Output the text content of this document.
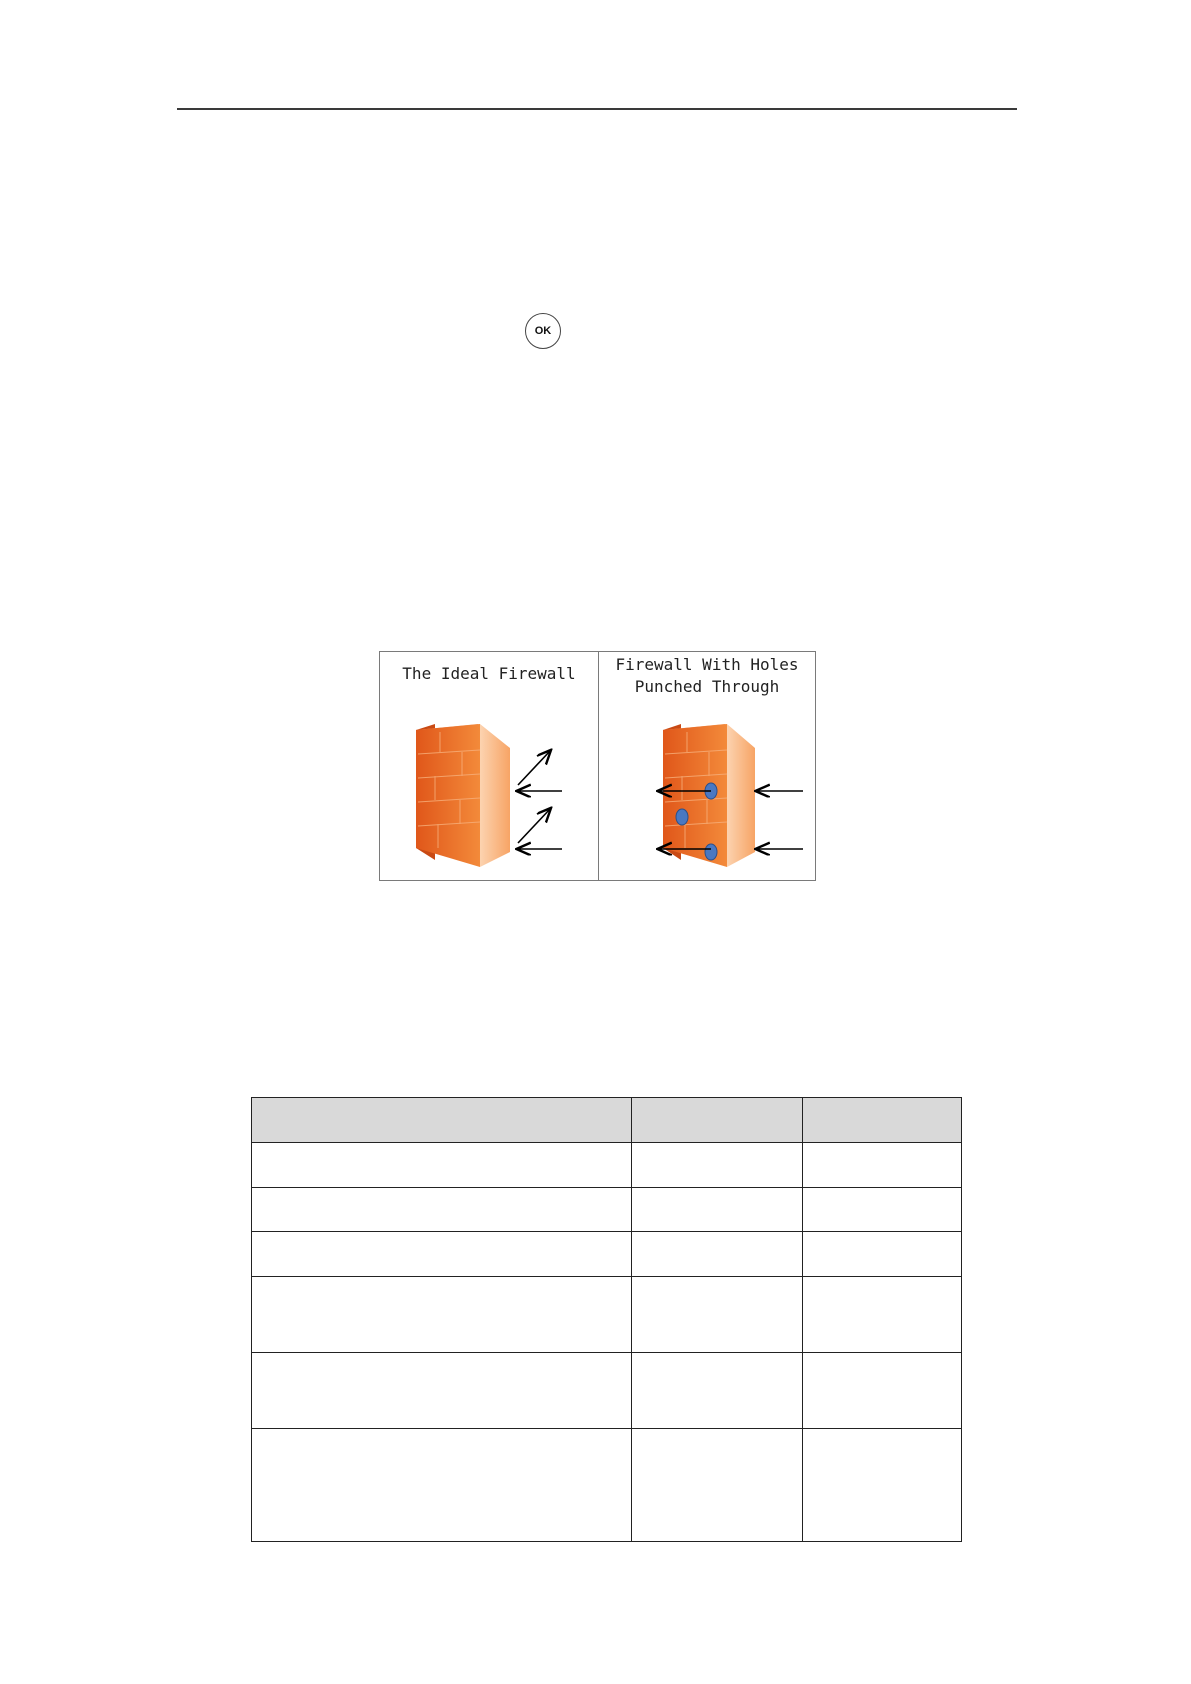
OK
The Ideal Firewall	Firewall With Holes
Punched Through
